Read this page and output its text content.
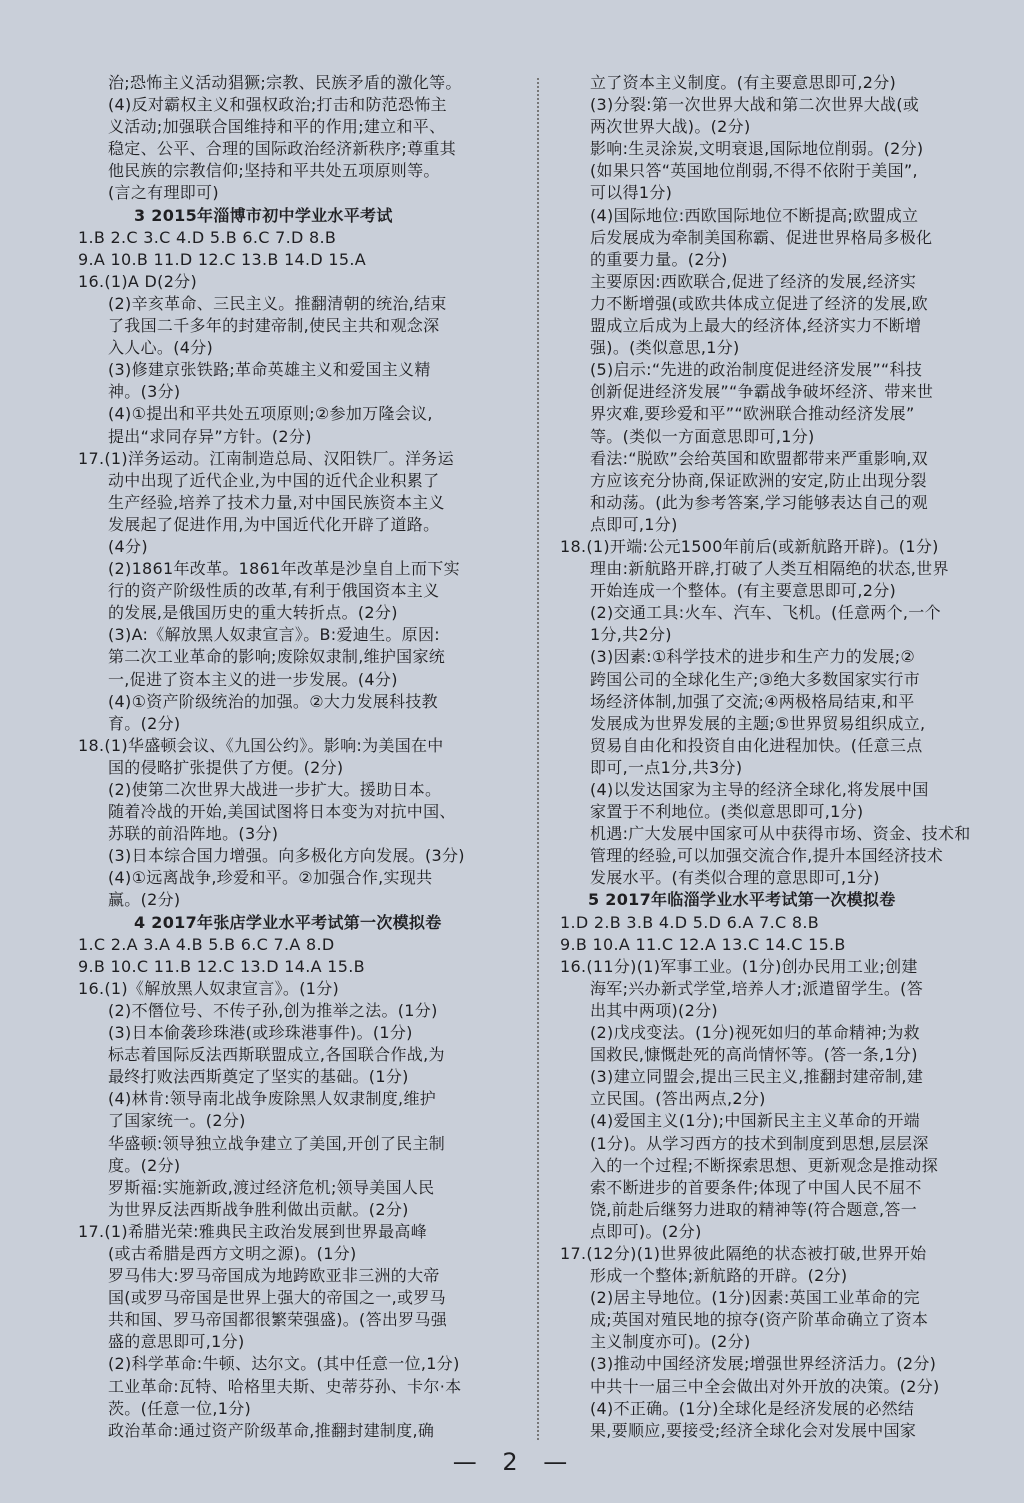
治;恐怖主义活动猖獗;宗教、民族矛盾的激化等。
(4)反对霸权主义和强权政治;打击和防范恐怖主
义活动;加强联合国维持和平的作用;建立和平、
稳定、公平、合理的国际政治经济新秩序;尊重其
他民族的宗教信仰;坚持和平共处五项原则等。
(言之有理即可)
3 2015年淄博市初中学业水平考试
1.B 2.C 3.C 4.D 5.B 6.C 7.D 8.B
9.A 10.B 11.D 12.C 13.B 14.D 15.A
16.(1)A D(2分)
(2)辛亥革命、三民主义。推翻清朝的统治,结束
了我国二千多年的封建帝制,使民主共和观念深
入人心。(4分)
(3)修建京张铁路;革命英雄主义和爱国主义精
神。(3分)
(4)①提出和平共处五项原则;②参加万隆会议,
提出“求同存异”方针。(2分)
17.(1)洋务运动。江南制造总局、汉阳铁厂。洋务运
动中出现了近代企业,为中国的近代企业积累了
生产经验,培养了技术力量,对中国民族资本主义
发展起了促进作用,为中国近代化开辟了道路。
(4分)
(2)1861年改革。1861年改革是沙皇自上而下实
行的资产阶级性质的改革,有利于俄国资本主义
的发展,是俄国历史的重大转折点。(2分)
(3)A:《解放黑人奴隶宣言》。B:爱迪生。原因:
第二次工业革命的影响;废除奴隶制,维护国家统
一,促进了资本主义的进一步发展。(4分)
(4)①资产阶级统治的加强。②大力发展科技教
育。(2分)
18.(1)华盛顿会议、《九国公约》。影响:为美国在中
国的侵略扩张提供了方便。(2分)
(2)使第二次世界大战进一步扩大。援助日本。
随着冷战的开始,美国试图将日本变为对抗中国、
苏联的前沿阵地。(3分)
(3)日本综合国力增强。向多极化方向发展。(3分)
(4)①远离战争,珍爱和平。②加强合作,实现共
赢。(2分)
4 2017年张店学业水平考试第一次模拟卷
1.C 2.A 3.A 4.B 5.B 6.C 7.A 8.D
9.B 10.C 11.B 12.C 13.D 14.A 15.B
16.(1)《解放黑人奴隶宣言》。(1分)
(2)不僭位号、不传子孙,创为推举之法。(1分)
(3)日本偷袭珍珠港(或珍珠港事件)。(1分)
标志着国际反法西斯联盟成立,各国联合作战,为
最终打败法西斯奠定了坚实的基础。(1分)
(4)林肯:领导南北战争废除黑人奴隶制度,维护
了国家统一。(2分)
华盛顿:领导独立战争建立了美国,开创了民主制
度。(2分)
罗斯福:实施新政,渡过经济危机;领导美国人民
为世界反法西斯战争胜利做出贡献。(2分)
17.(1)希腊光荣:雅典民主政治发展到世界最高峰
(或古希腊是西方文明之源)。(1分)
罗马伟大:罗马帝国成为地跨欧亚非三洲的大帝
国(或罗马帝国是世界上强大的帝国之一,或罗马
共和国、罗马帝国都很繁荣强盛)。(答出罗马强
盛的意思即可,1分)
(2)科学革命:牛顿、达尔文。(其中任意一位,1分)
工业革命:瓦特、哈格里夫斯、史蒂芬孙、卡尔·本
茨。(任意一位,1分)
政治革命:通过资产阶级革命,推翻封建制度,确
立了资本主义制度。(有主要意思即可,2分)
(3)分裂:第一次世界大战和第二次世界大战(或
两次世界大战)。(2分)
影响:生灵涂炭,文明衰退,国际地位削弱。(2分)
(如果只答“英国地位削弱,不得不依附于美国”,
可以得1分)
(4)国际地位:西欧国际地位不断提高;欧盟成立
后发展成为牵制美国称霸、促进世界格局多极化
的重要力量。(2分)
主要原因:西欧联合,促进了经济的发展,经济实
力不断增强(或欧共体成立促进了经济的发展,欧
盟成立后成为上最大的经济体,经济实力不断增
强)。(类似意思,1分)
(5)启示:“先进的政治制度促进经济发展”“科技
创新促进经济发展”“争霸战争破坏经济、带来世
界灾难,要珍爱和平”“欧洲联合推动经济发展”
等。(类似一方面意思即可,1分)
看法:“脱欧”会给英国和欧盟都带来严重影响,双
方应该充分协商,保证欧洲的安定,防止出现分裂
和动荡。(此为参考答案,学习能够表达自己的观
点即可,1分)
18.(1)开端:公元1500年前后(或新航路开辟)。(1分)
理由:新航路开辟,打破了人类互相隔绝的状态,世界
开始连成一个整体。(有主要意思即可,2分)
(2)交通工具:火车、汽车、飞机。(任意两个,一个
1分,共2分)
(3)因素:①科学技术的进步和生产力的发展;②
跨国公司的全球化生产;③绝大多数国家实行市
场经济体制,加强了交流;④两极格局结束,和平
发展成为世界发展的主题;⑤世界贸易组织成立,
贸易自由化和投资自由化进程加快。(任意三点
即可,一点1分,共3分)
(4)以发达国家为主导的经济全球化,将发展中国
家置于不利地位。(类似意思即可,1分)
机遇:广大发展中国家可从中获得市场、资金、技术和
管理的经验,可以加强交流合作,提升本国经济技术
发展水平。(有类似合理的意思即可,1分)
5 2017年临淄学业水平考试第一次模拟卷
1.D 2.B 3.B 4.D 5.D 6.A 7.C 8.B
9.B 10.A 11.C 12.A 13.C 14.C 15.B
16.(11分)(1)军事工业。(1分)创办民用工业;创建
海军;兴办新式学堂,培养人才;派遣留学生。(答
出其中两项)(2分)
(2)戊戌变法。(1分)视死如归的革命精神;为救
国救民,慷慨赴死的高尚情怀等。(答一条,1分)
(3)建立同盟会,提出三民主义,推翻封建帝制,建
立民国。(答出两点,2分)
(4)爱国主义(1分);中国新民主主义革命的开端
(1分)。从学习西方的技术到制度到思想,层层深
入的一个过程;不断探索思想、更新观念是推动探
索不断进步的首要条件;体现了中国人民不屈不
饶,前赴后继努力进取的精神等(符合题意,答一
点即可)。(2分)
17.(12分)(1)世界彼此隔绝的状态被打破,世界开始
形成一个整体;新航路的开辟。(2分)
(2)居主导地位。(1分)因素:英国工业革命的完
成;英国对殖民地的掠夺(资产阶革命确立了资本
主义制度亦可)。(2分)
(3)推动中国经济发展;增强世界经济活力。(2分)
中共十一届三中全会做出对外开放的决策。(2分)
(4)不正确。(1分)全球化是经济发展的必然结
果,要顺应,要接受;经济全球化会对发展中国家
— 2 —
